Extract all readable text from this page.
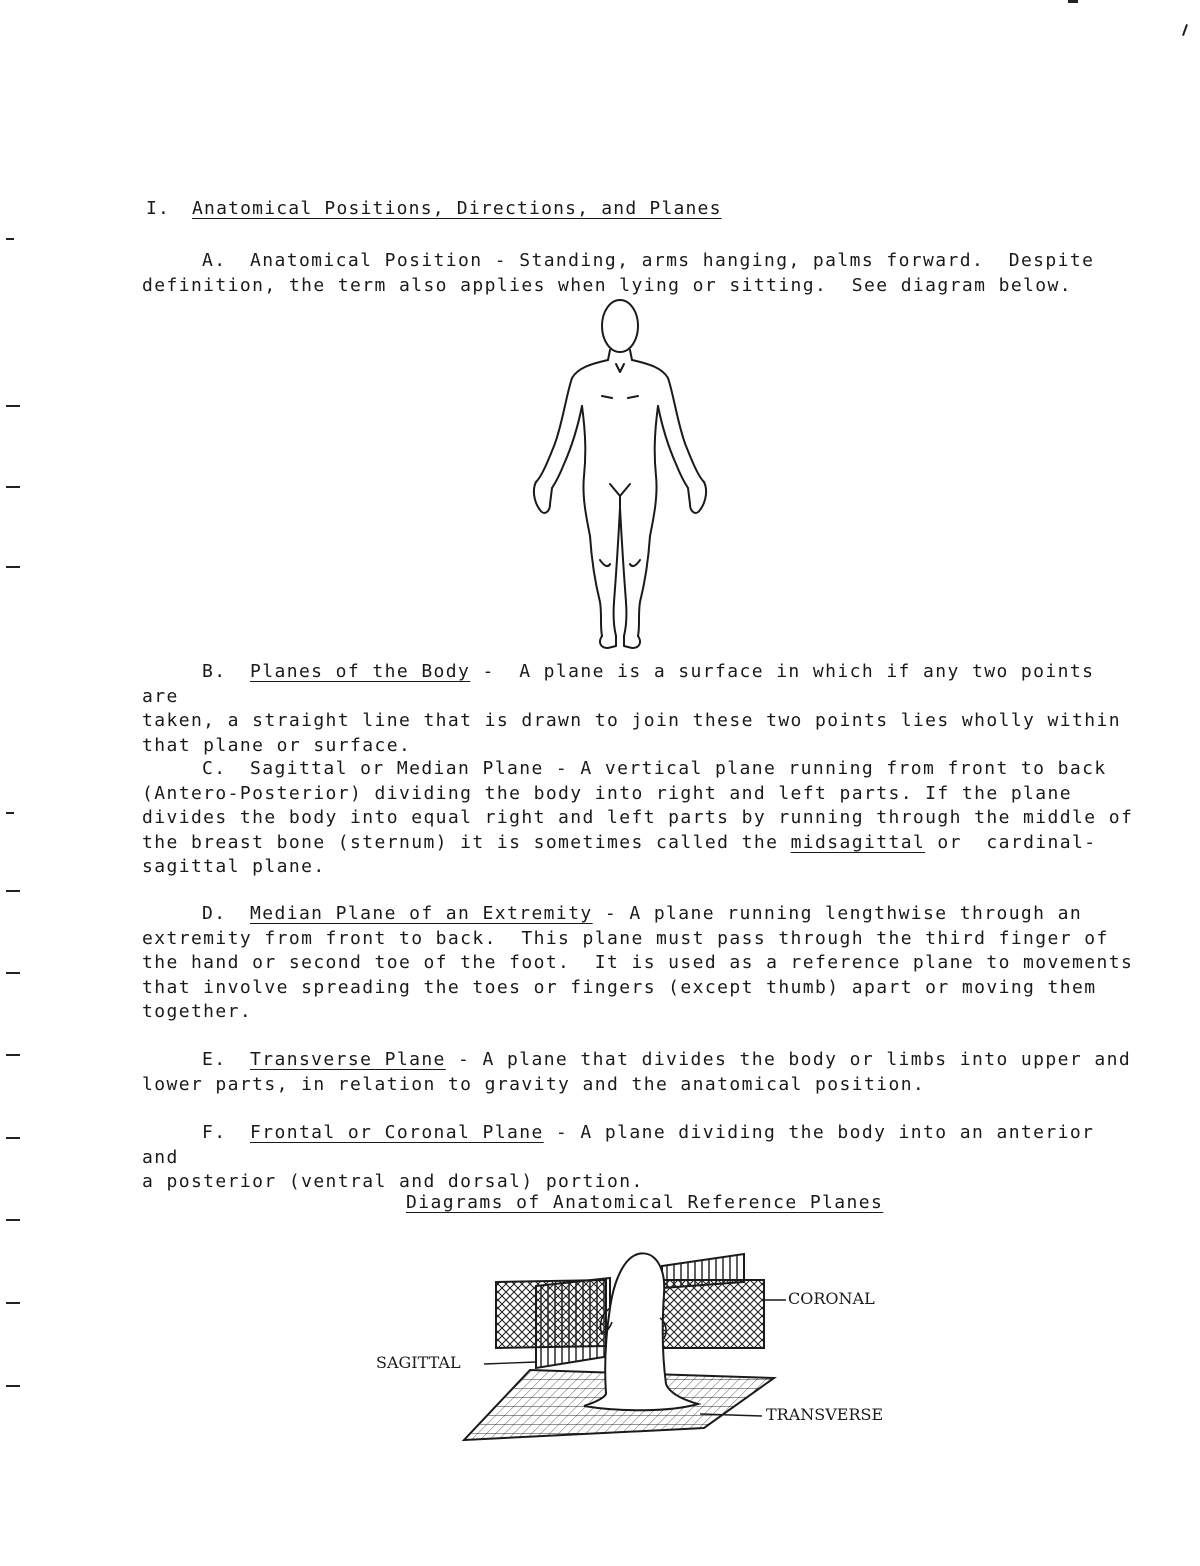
I. Anatomical Positions, Directions, and Planes

A. Anatomical Position - Standing, arms hanging, palms forward.  Despite
definition, the term also applies when lying or sitting.  See diagram below.

B. Planes of the Body -  A plane is a surface in which if any two points are
taken, a straight line that is drawn to join these two points lies wholly within
that plane or surface.

C. Sagittal or Median Plane - A vertical plane running from front to back
(Antero-Posterior) dividing the body into right and left parts. If the plane
divides the body into equal right and left parts by running through the middle of
the breast bone (sternum) it is sometimes called the midsagittal or  cardinal-
sagittal plane.

D. Median Plane of an Extremity - A plane running lengthwise through an
extremity from front to back.  This plane must pass through the third finger of
the hand or second toe of the foot.  It is used as a reference plane to movements
that involve spreading the toes or fingers (except thumb) apart or moving them
together.

E. Transverse Plane - A plane that divides the body or limbs into upper and
lower parts, in relation to gravity and the anatomical position.

F. Frontal or Coronal Plane - A plane dividing the body into an anterior and
a posterior (ventral and dorsal) portion.

Diagrams of Anatomical Reference Planes
CORONAL
SAGITTAL
TRANSVERSE
